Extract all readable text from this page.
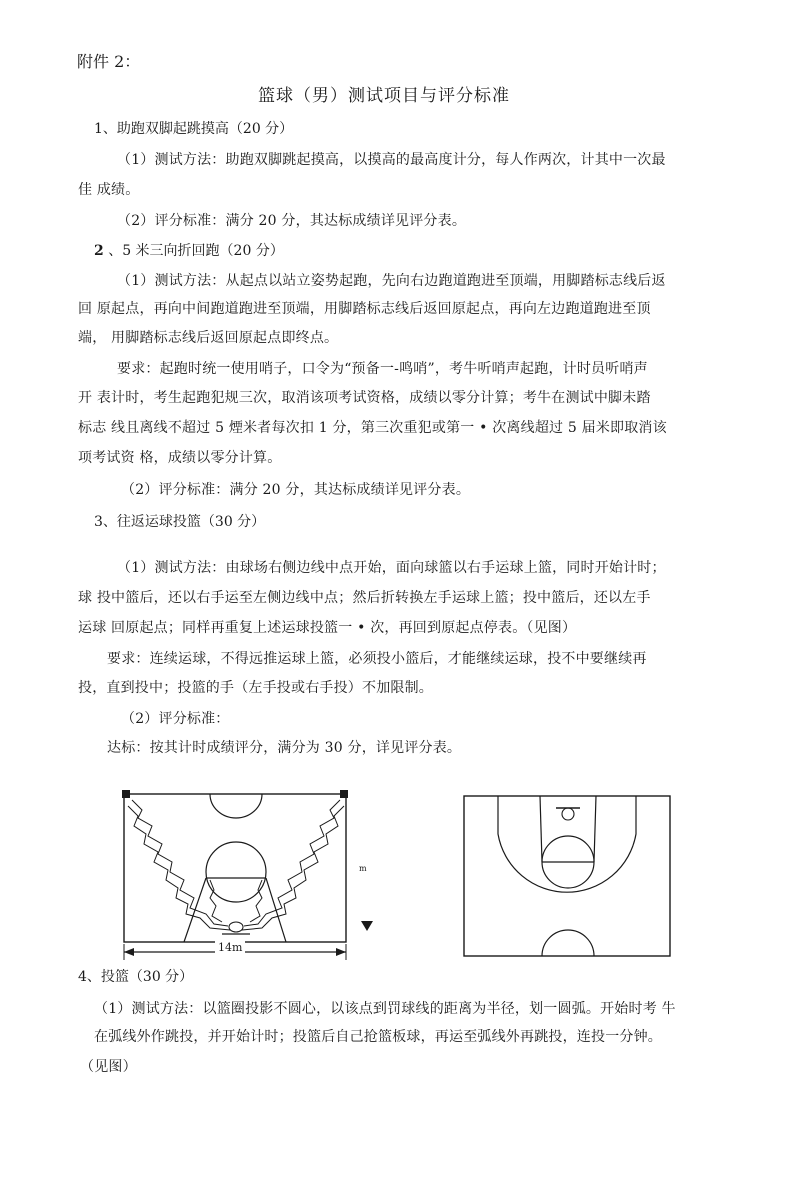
附件 2：
篮球（男）测试项目与评分标准
1、助跑双脚起跳摸高（20 分）
（1）测试方法：助跑双脚跳起摸高，以摸高的最高度计分，每人作两次，计其中一次最
佳 成绩。
（2）评分标准：满分 20 分，其达标成绩详见评分表。
2 、5 米三向折回跑（20 分）
（1）测试方法：从起点以站立姿势起跑，先向右边跑道跑进至顶端，用脚踏标志线后返
回 原起点，再向中间跑道跑进至顶端，用脚踏标志线后返回原起点，再向左边跑道跑进至顶
端， 用脚踏标志线后返回原起点即终点。
要求：起跑时统一使用哨子，口令为“预备一-鸣哨”，考牛听哨声起跑，计时员听哨声
开 表计时，考生起跑犯规三次，取消该项考试资格，成绩以零分计算；考牛在测试中脚未踏
标志 线且离线不超过 5 煙米者每次扣 1 分，第三次重犯或第一 • 次离线超过 5 届米即取消该
项考试资 格，成绩以零分计算。
（2）评分标准：满分 20 分，其达标成绩详见评分表。
3、往返运球投篮（30 分）
（1）测试方法：由球场右侧边线中点开始，面向球篮以右手运球上篮，同时开始计时；
球 投中篮后，还以右手运至左侧边线中点；然后折转换左手运球上篮；投中篮后，还以左手
运球 回原起点；同样再重复上述运球投篮一 • 次，再回到原起点停表。（见图）
要求：连续运球，不得远推运球上篮，必须投小篮后，才能继续运球，投不中要继续再
投，直到投中；投篮的手（左手投或右手投）不加限制。
（2）评分标准：
达标：按其计时成绩评分，满分为 30 分，详见评分表。
14m
m
4、投篮（30 分）
（1）测试方法：以篮圈投影不圆心，以该点到罚球线的距离为半径，划一圆弧。开始时考 牛
在弧线外作跳投，并开始计时；投篮后自己抢篮板球，再运至弧线外再跳投，连投一分钟。
（见图）
